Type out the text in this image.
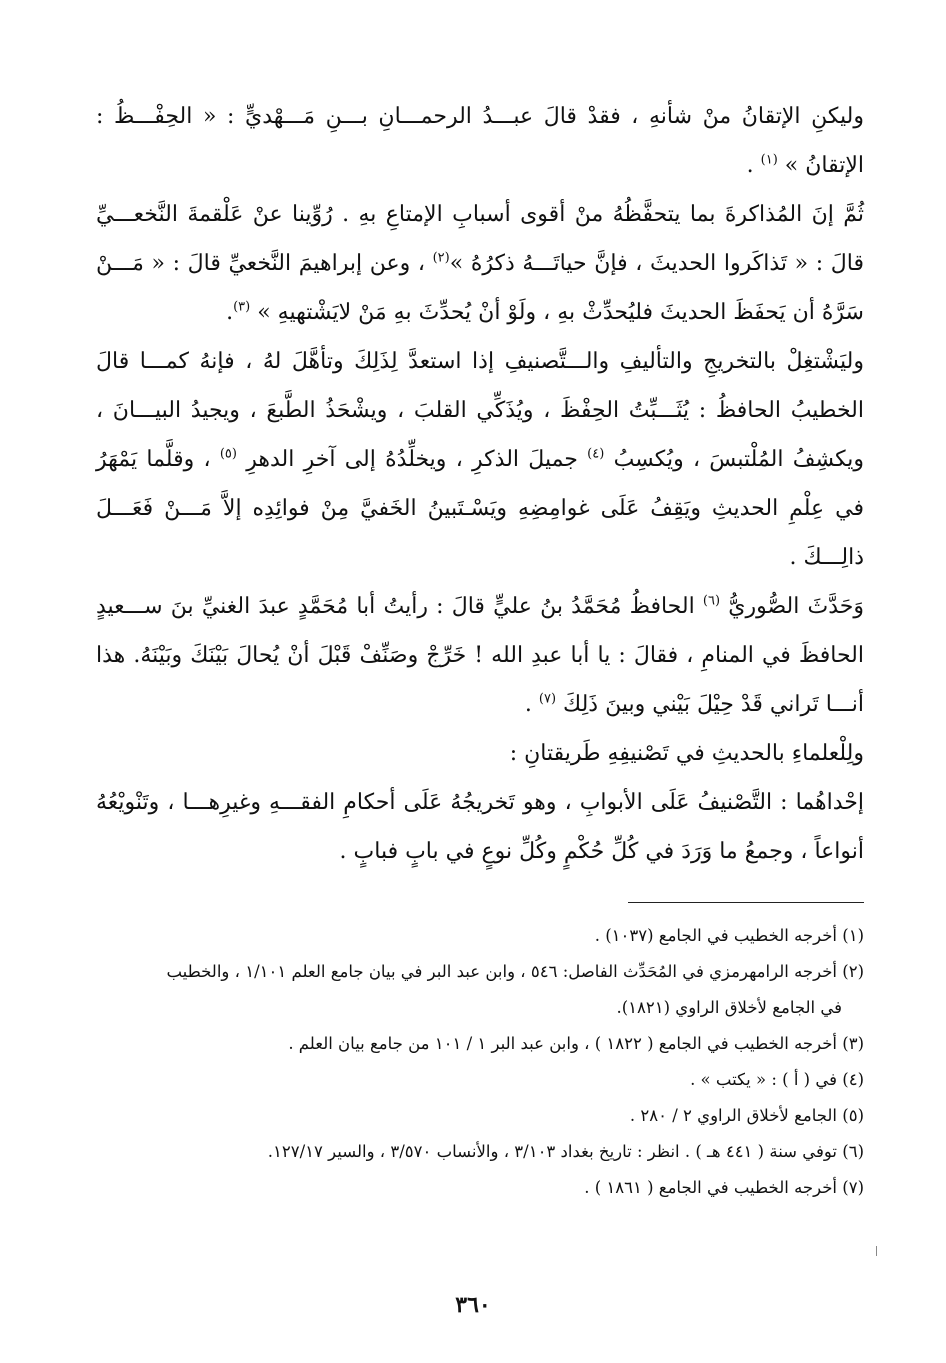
وليكنِ الإتقانُ منْ شأنهِ ، فقدْ قالَ عبـــدُ الرحمـــانِ بـــنِ مَـــهْديٍّ : « الحِفْـــظُ : الإتقانُ » $^{(١)}$ .

ثُمَّ إنَ المُذاكرةَ بما يتحفَّظُهُ منْ أقوى أسبابِ الإمتاعِ بهِ . رُوِّينا عنْ عَلْقمةَ النَّخعـــيِّ قالَ : « تَذاكَروا الحديثَ ، فإنَّ حياتَـــهُ ذكرُهُ »$^{(٢)}$ ، وعن إبراهيمَ النَّخعيِّ قالَ : « مَـــنْ سَرَّهُ أن يَحفَظَ الحديثَ فليُحدِّثْ بهِ ، ولَوْ أنْ يُحدِّثَ بهِ مَنْ لايَشْتهيهِ » $^{(٣)}$.

وليَشْتغِلْ بالتخريجِ والتأليفِ والـــتَّصنيفِ إذا استعدَّ لِذَلِكَ وتأهَّلَ لهُ ، فإنهُ كمـــا قالَ الخطيبُ الحافظُ : يُثَـــبِّتُ الحِفْظَ ، ويُذَكِّي القلبَ ، ويشْحَذُ الطَّبعَ ، ويجيدُ البيـــانَ ، ويكشِفُ المُلْتبسَ ، ويُكسِبُ $^{(٤)}$ جميلَ الذكرِ ، ويخلِّدُهُ إلى آخرِ الدهرِ $^{(٥)}$ ، وقلَّما يَمْهَرُ في عِلْمِ الحديثِ ويَقِفُ عَلَى غوامِضِهِ ويَسْـتَبينُ الخَفيَّ مِنْ فوائِدِه إلاَّ مَـــنْ فَعَـــلَ ذالِـــكَ .

وَحَدَّثَ الصُّوريُّ $^{(٦)}$ الحافظُ مُحَمَّدُ بنُ عليٍّ قالَ : رأيتُ أبا مُحَمَّدٍ عبدَ الغنيِّ بنَ ســـعيدٍ الحافظَ في المنامِ ، فقالَ : يا أبا عبدِ الله ! خَرِّجْ وصَنِّفْ قَبْلَ أنْ يُحالَ بَيْنَكَ وبَيْنَهُ. هذا أنـــا تَراني قَدْ حِيْلَ بَيْني وبينَ ذَلِكَ $^{(٧)}$ .

ولِلْعلماءِ بالحديثِ في تَصْنيفِهِ طَريقتانِ :

إحْداهُما : التَّصْنيفُ عَلَى الأبوابِ ، وهو تَخريجُهُ عَلَى أحكامِ الفقـــهِ وغيرِهـــا ، وتَنْويْعُهُ أنواعاً ، وجمعُ ما وَرَدَ في كُلِّ حُكْمٍ وكُلِّ نوعٍ في بابٍ فبابٍ .

(١) أخرجه الخطيب في الجامع (١٠٣٧) .

(٢) أخرجه الرامهرمزي في المُحَدِّث الفاصل: ٥٤٦ ، وابن عبد البر في بيان جامع العلم ١/١٠١ ، والخطيب

في الجامع لأخلاق الراوي (١٨٢١).

(٣) أخرجه الخطيب في الجامع ( ١٨٢٢ ) ، وابن عبد البر ١ / ١٠١ من جامع بيان العلم .

(٤) في ( أ ) : « يكتب » .

(٥) الجامع لأخلاق الراوي ٢ / ٢٨٠ .

(٦) توفي سنة ( ٤٤١ هـ ) . انظر : تاريخ بغداد ٣/١٠٣ ، والأنساب ٣/٥٧٠ ، والسير ١٢٧/١٧.

(٧) أخرجه الخطيب في الجامع ( ١٨٦١ ) .

٣٦٠
